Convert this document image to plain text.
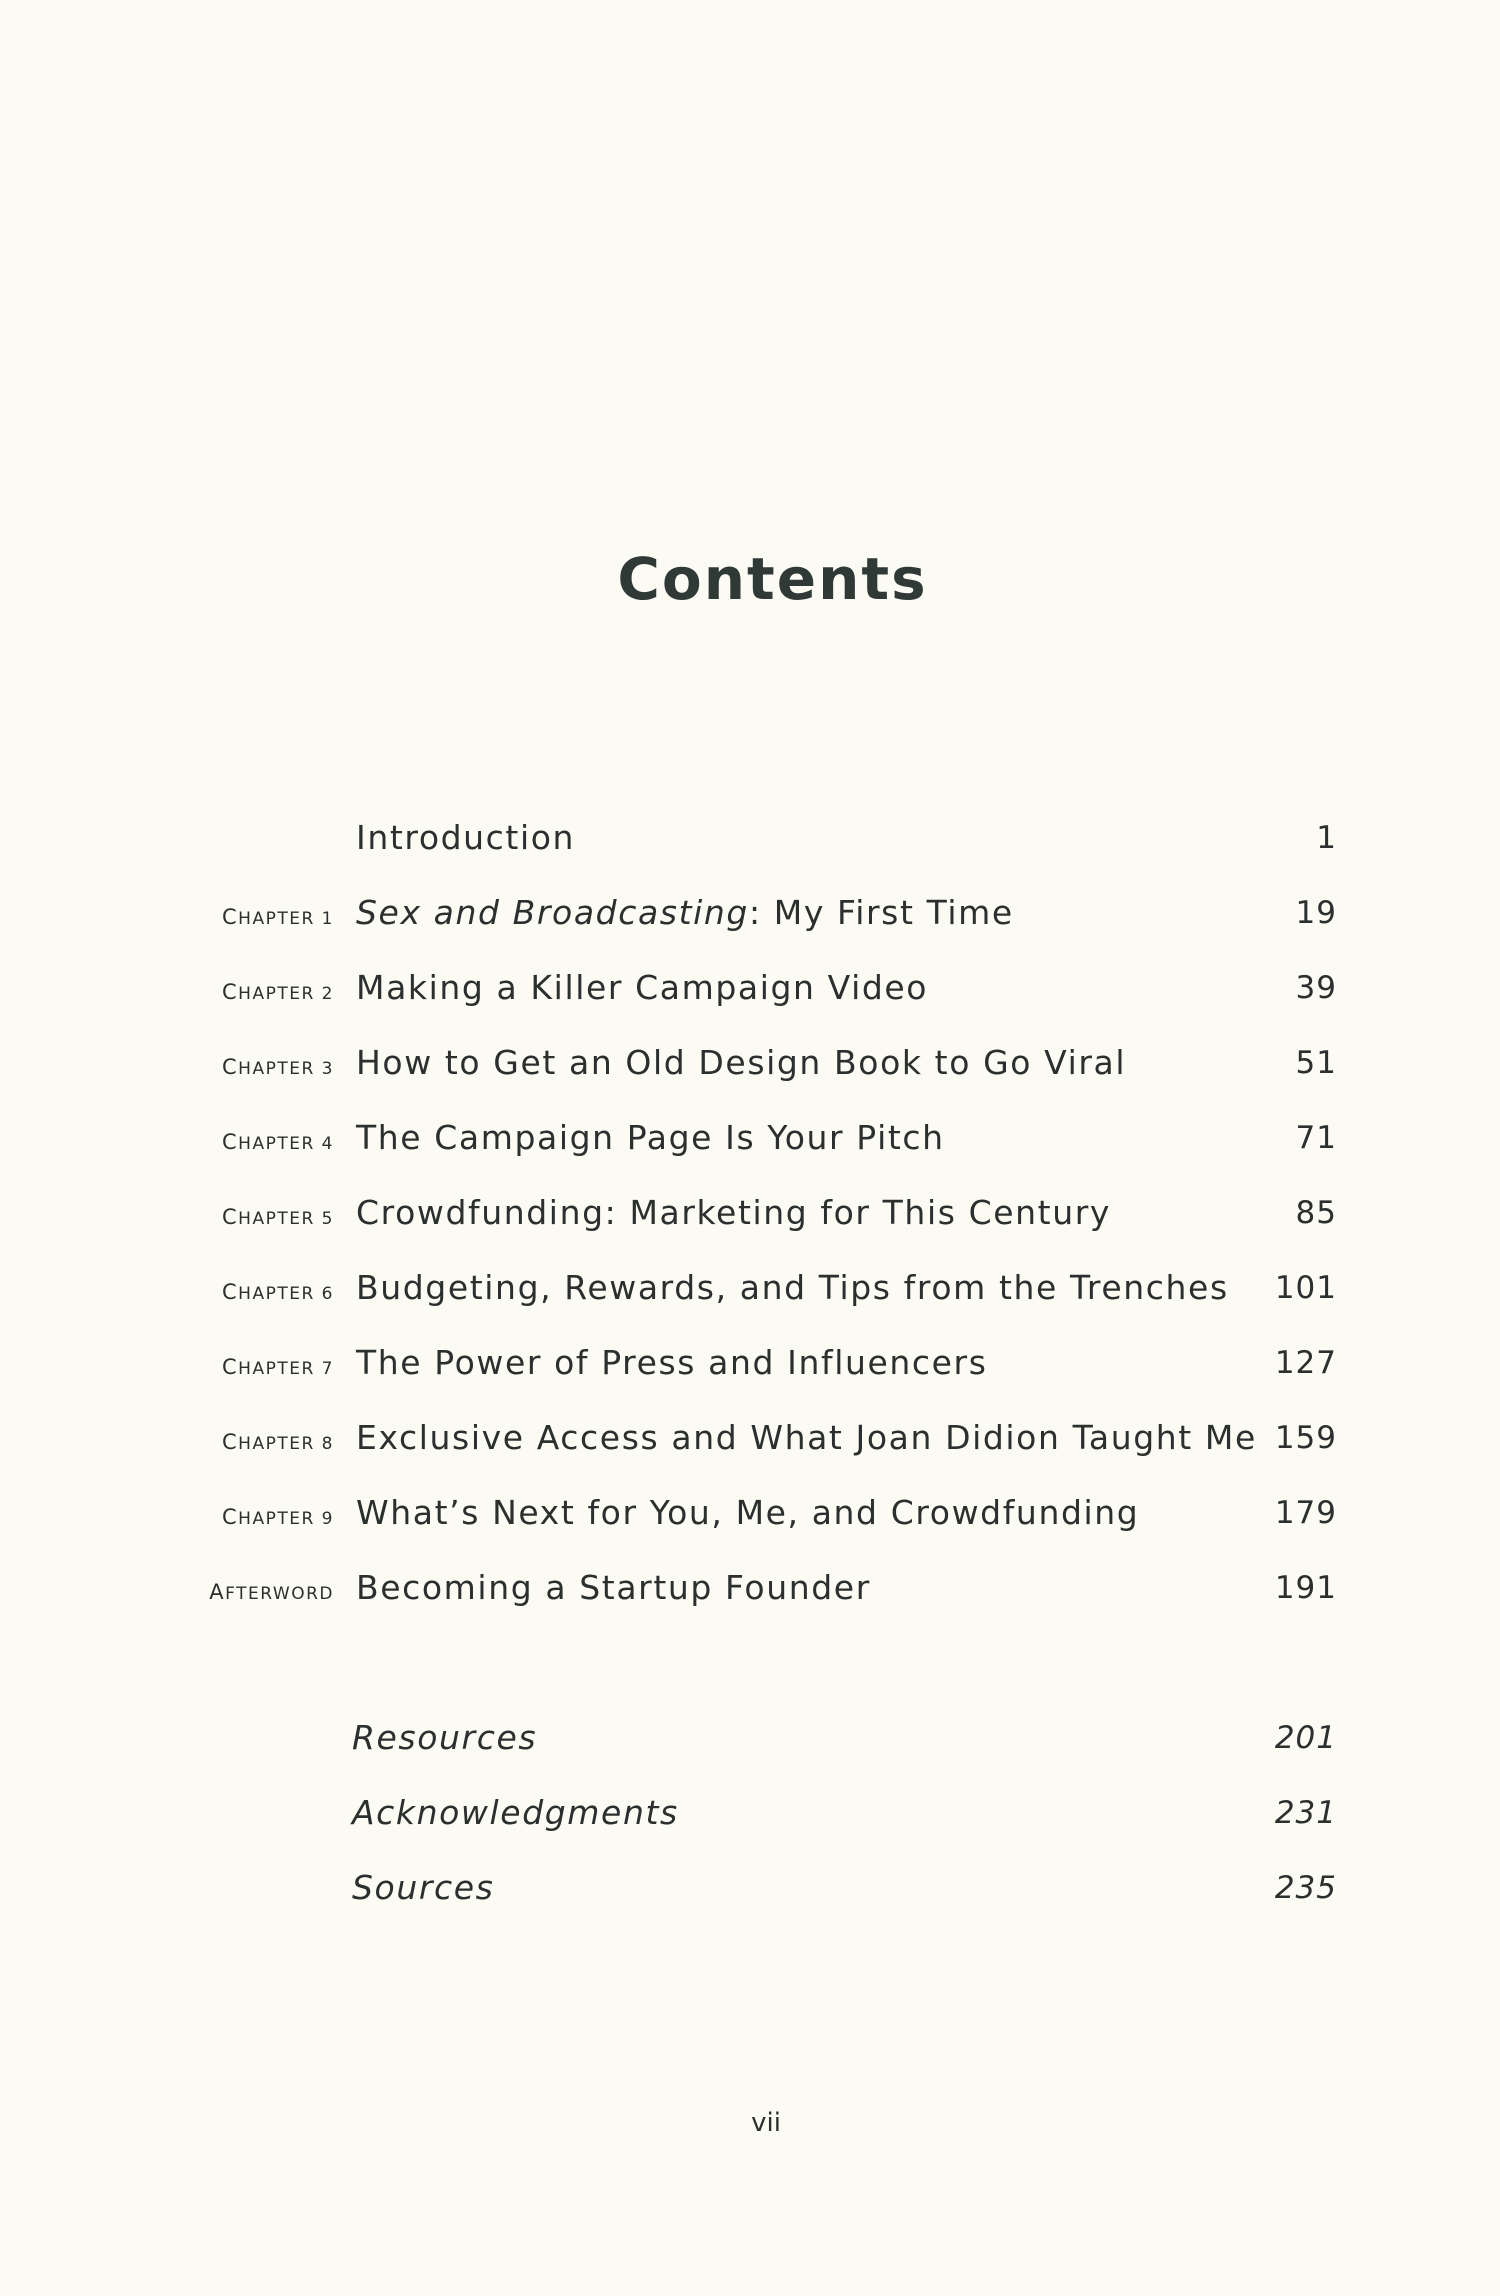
Contents
Introduction	1
CHAPTER 1 Sex and Broadcasting: My First Time	19
CHAPTER 2 Making a Killer Campaign Video	39
CHAPTER 3 How to Get an Old Design Book to Go Viral	51
CHAPTER 4 The Campaign Page Is Your Pitch	71
CHAPTER 5 Crowdfunding: Marketing for This Century	85
CHAPTER 6 Budgeting, Rewards, and Tips from the Trenches 101
CHAPTER 7 The Power of Press and Influencers	127
CHAPTER 8 Exclusive Access and What Joan Didion Taught Me 159
CHAPTER 9 What’s Next for You, Me, and Crowdfunding	179
AFTERWORD Becoming a Startup Founder	191
Resources	201
Acknowledgments	231
Sources	235
vii
